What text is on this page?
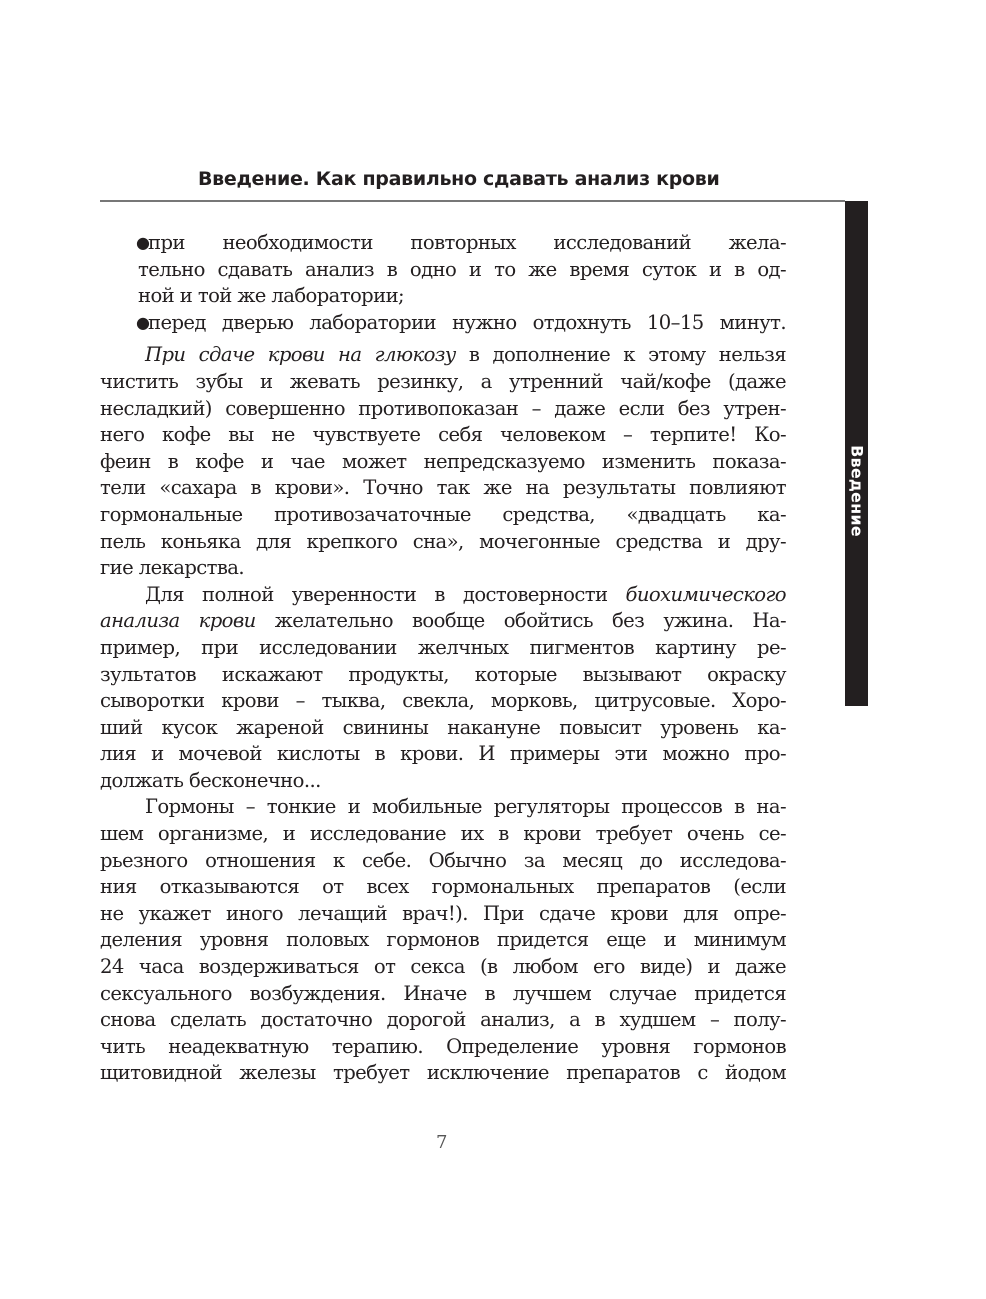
Введение. Как правильно сдавать анализ крови
Введение
●
при необходимости повторных исследований жела-
тельно сдавать анализ в одно и то же время суток и в од-
ной и той же лаборатории;
●
перед дверью лаборатории нужно отдохнуть 10–15 минут.
При сдаче крови на глюкозу в дополнение к этому нельзя
чистить зубы и жевать резинку, а утренний чай/кофе (даже
несладкий) совершенно противопоказан – даже если без утрен-
него кофе вы не чувствуете себя человеком – терпите! Ко-
феин в кофе и чае может непредсказуемо изменить показа-
тели «сахара в крови». Точно так же на результаты повлияют
гормональные противозачаточные средства, «двадцать ка-
пель коньяка для крепкого сна», мочегонные средства и дру-
гие лекарства.
Для полной уверенности в достоверности биохимического
анализа крови желательно вообще обойтись без ужина. На-
пример, при исследовании желчных пигментов картину ре-
зультатов искажают продукты, которые вызывают окраску
сыворотки крови – тыква, свекла, морковь, цитрусовые. Хоро-
ший кусок жареной свинины накануне повысит уровень ка-
лия и мочевой кислоты в крови. И примеры эти можно про-
должать бесконечно...
Гормоны – тонкие и мобильные регуляторы процессов в на-
шем организме, и исследование их в крови требует очень се-
рьезного отношения к себе. Обычно за месяц до исследова-
ния отказываются от всех гормональных препаратов (если
не укажет иного лечащий врач!). При сдаче крови для опре-
деления уровня половых гормонов придется еще и минимум
24 часа воздерживаться от секса (в любом его виде) и даже
сексуального возбуждения. Иначе в лучшем случае придется
снова сделать достаточно дорогой анализ, а в худшем – полу-
чить неадекватную терапию. Определение уровня гормонов
щитовидной железы требует исключение препаратов с йодом
7
